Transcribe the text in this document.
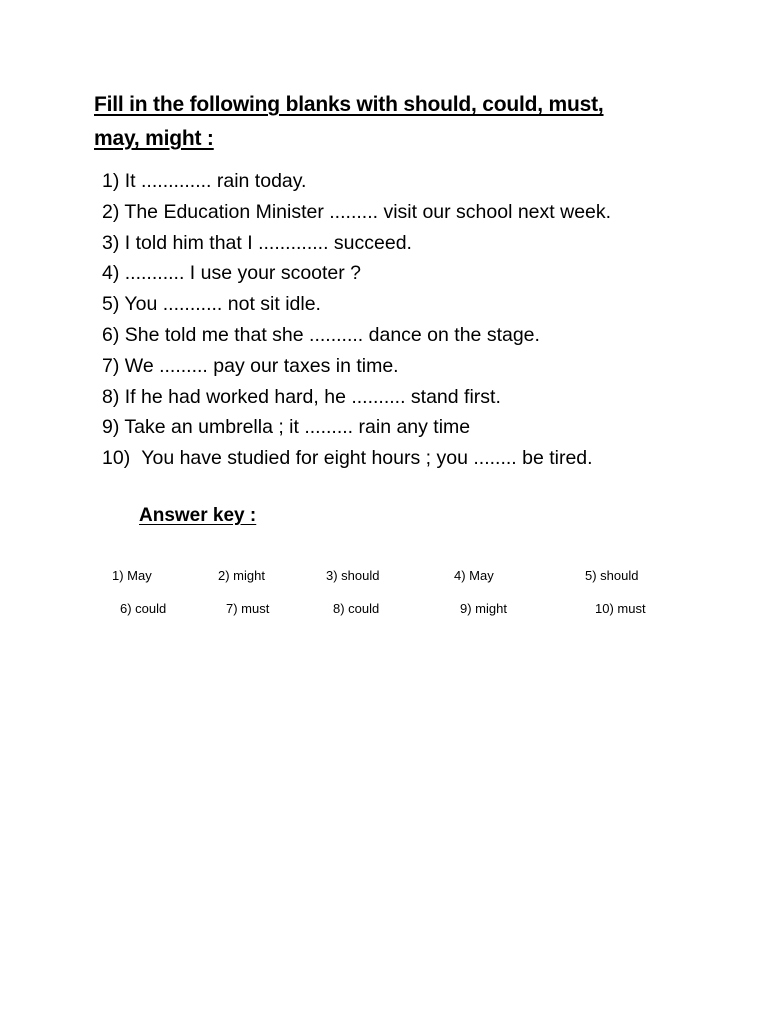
Fill in the following blanks with should, could, must,
may, might :
1) It ............. rain today.
2) The Education Minister ......... visit our school next week.
3) I told him that I ............. succeed.
4) ........... I use your scooter ?
5) You ........... not sit idle.
6) She told me that she .......... dance on the stage.
7) We ......... pay our taxes in time.
8) If he had worked hard, he .......... stand first.
9) Take an umbrella ; it ......... rain any time
10) You have studied for eight hours ; you ........ be tired.
Answer key :
1) May	2) might	3) should	4) May	5) should
6) could	7) must	8) could	9) might	10) must
